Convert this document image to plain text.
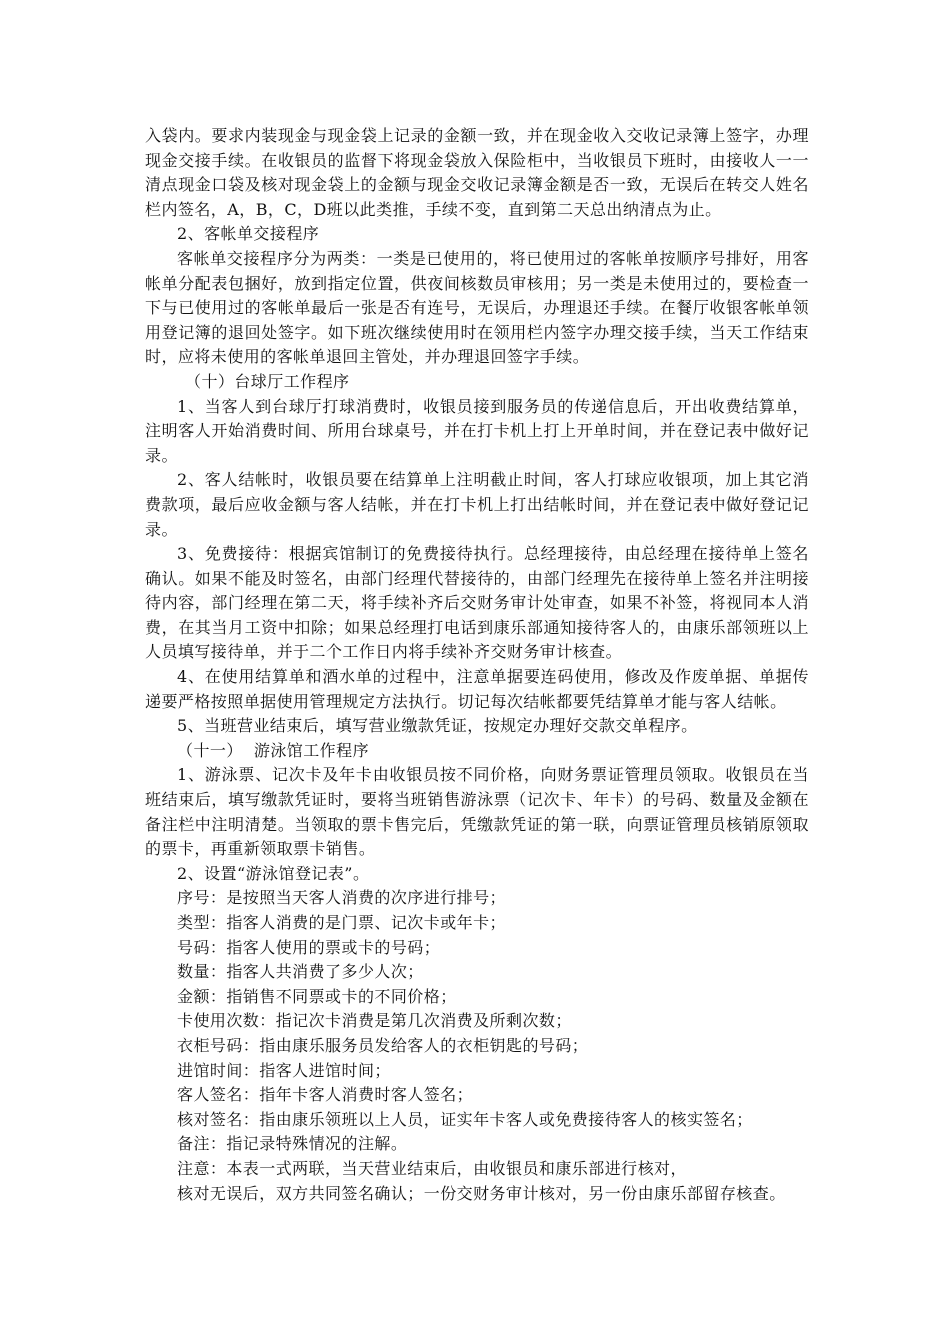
入袋内。要求内装现金与现金袋上记录的金额一致，并在现金收入交收记录簿上签字，办理现金交接手续。在收银员的监督下将现金袋放入保险柜中，当收银员下班时，由接收人一一清点现金口袋及核对现金袋上的金额与现金交收记录簿金额是否一致，无误后在转交人姓名栏内签名，A，B，C，D班以此类推，手续不变，直到第二天总出纳清点为止。

2、客帐单交接程序

客帐单交接程序分为两类：一类是已使用的，将已使用过的客帐单按顺序号排好，用客帐单分配表包捆好，放到指定位置，供夜间核数员审核用；另一类是未使用过的，要检查一下与已使用过的客帐单最后一张是否有连号，无误后，办理退还手续。在餐厅收银客帐单领用登记簿的退回处签字。如下班次继续使用时在领用栏内签字办理交接手续，当天工作结束时，应将未使用的客帐单退回主管处，并办理退回签字手续。

（十）台球厅工作程序

1、当客人到台球厅打球消费时，收银员接到服务员的传递信息后，开出收费结算单，注明客人开始消费时间、所用台球桌号，并在打卡机上打上开单时间，并在登记表中做好记录。

2、客人结帐时，收银员要在结算单上注明截止时间，客人打球应收银项，加上其它消费款项，最后应收金额与客人结帐，并在打卡机上打出结帐时间，并在登记表中做好登记记录。

3、免费接待：根据宾馆制订的免费接待执行。总经理接待，由总经理在接待单上签名确认。如果不能及时签名，由部门经理代替接待的，由部门经理先在接待单上签名并注明接待内容，部门经理在第二天，将手续补齐后交财务审计处审查，如果不补签，将视同本人消费，在其当月工资中扣除；如果总经理打电话到康乐部通知接待客人的，由康乐部领班以上人员填写接待单，并于二个工作日内将手续补齐交财务审计核查。

4、在使用结算单和酒水单的过程中，注意单据要连码使用，修改及作废单据、单据传递要严格按照单据使用管理规定方法执行。切记每次结帐都要凭结算单才能与客人结帐。

5、当班营业结束后，填写营业缴款凭证，按规定办理好交款交单程序。

（十一）  游泳馆工作程序

1、游泳票、记次卡及年卡由收银员按不同价格，向财务票证管理员领取。收银员在当班结束后，填写缴款凭证时，要将当班销售游泳票（记次卡、年卡）的号码、数量及金额在备注栏中注明清楚。当领取的票卡售完后，凭缴款凭证的第一联，向票证管理员核销原领取的票卡，再重新领取票卡销售。

2、设置“游泳馆登记表”。

序号：是按照当天客人消费的次序进行排号；

类型：指客人消费的是门票、记次卡或年卡；

号码：指客人使用的票或卡的号码；

数量：指客人共消费了多少人次；

金额：指销售不同票或卡的不同价格；

卡使用次数：指记次卡消费是第几次消费及所剩次数；

衣柜号码：指由康乐服务员发给客人的衣柜钥匙的号码；

进馆时间：指客人进馆时间；

客人签名：指年卡客人消费时客人签名；

核对签名：指由康乐领班以上人员，证实年卡客人或免费接待客人的核实签名；

备注：指记录特殊情况的注解。

注意：本表一式两联，当天营业结束后，由收银员和康乐部进行核对，

核对无误后，双方共同签名确认；一份交财务审计核对，另一份由康乐部留存核查。
